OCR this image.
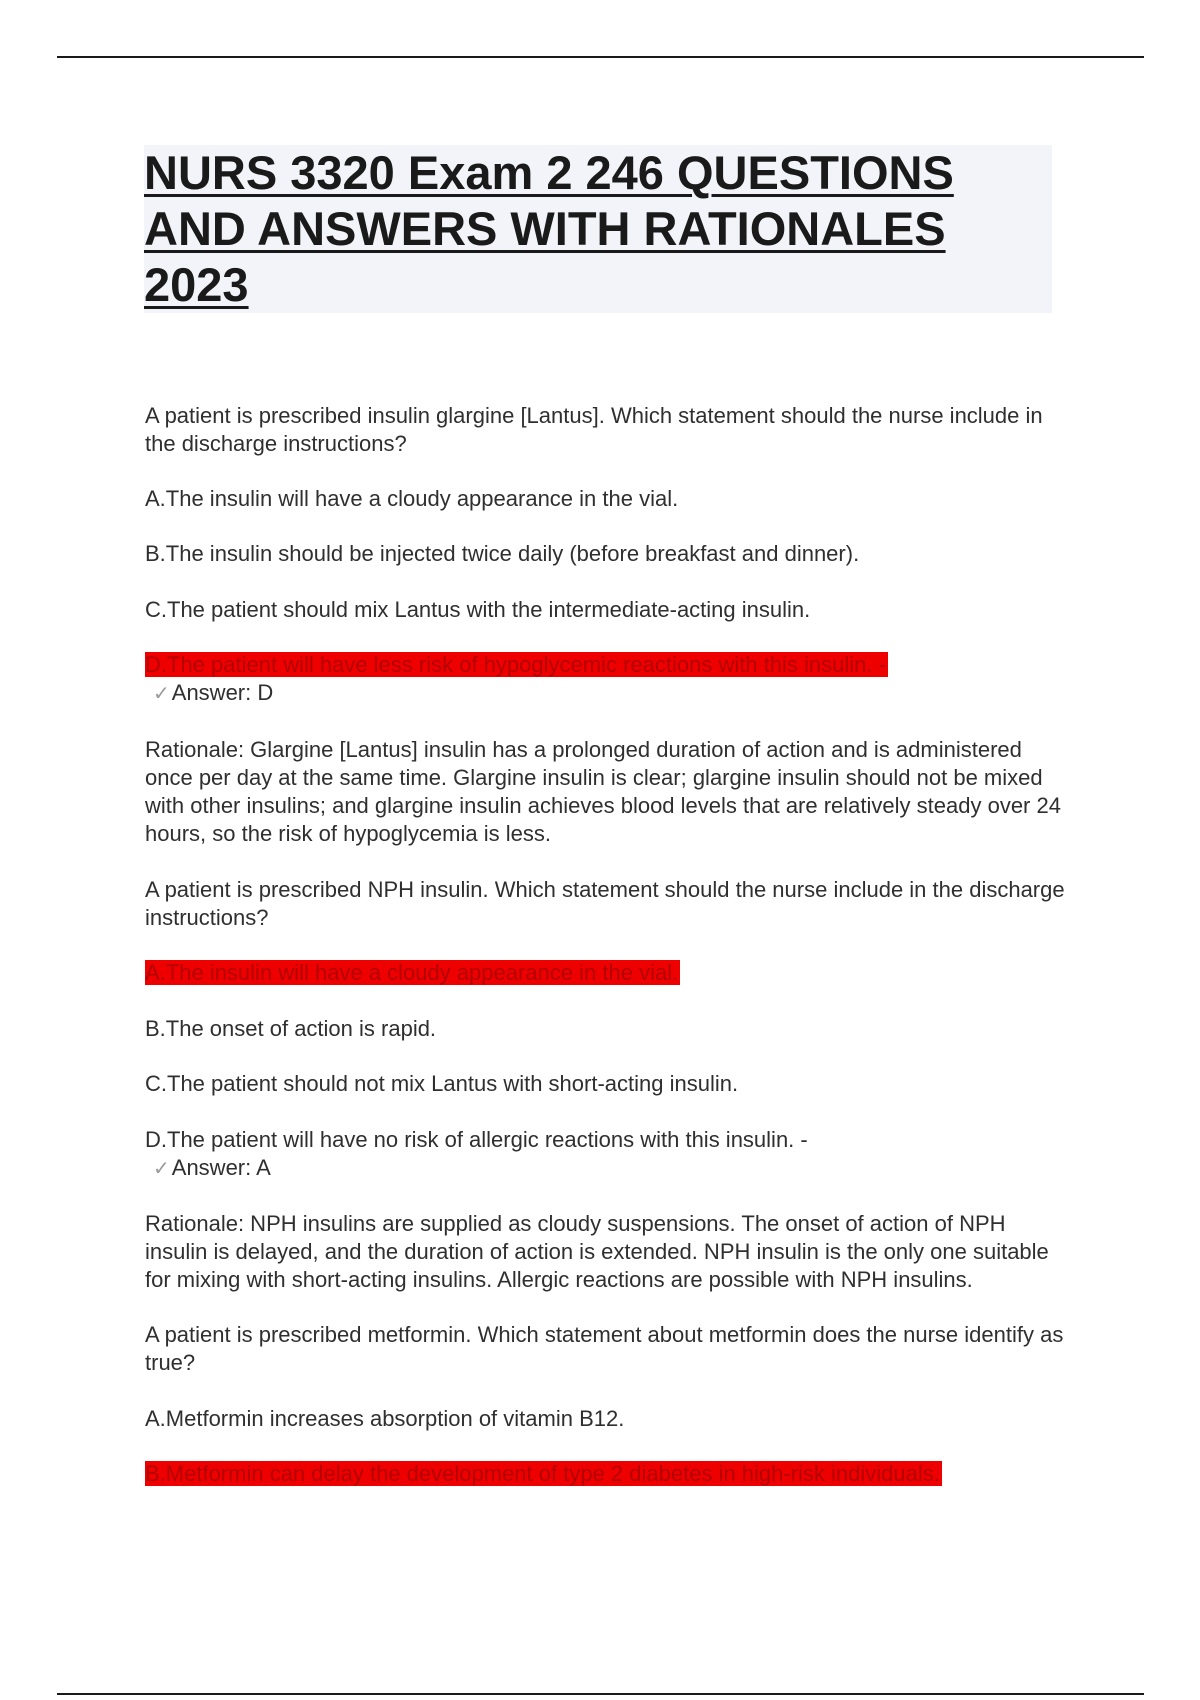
NURS 3320 Exam 2 246 QUESTIONS AND ANSWERS WITH RATIONALES 2023

A patient is prescribed insulin glargine [Lantus]. Which statement should the nurse include in the discharge instructions?

A.The insulin will have a cloudy appearance in the vial.

B.The insulin should be injected twice daily (before breakfast and dinner).

C.The patient should mix Lantus with the intermediate-acting insulin.

D.The patient will have less risk of hypoglycemic reactions with this insulin. -

✓Answer: D

Rationale: Glargine [Lantus] insulin has a prolonged duration of action and is administered once per day at the same time. Glargine insulin is clear; glargine insulin should not be mixed with other insulins; and glargine insulin achieves blood levels that are relatively steady over 24 hours, so the risk of hypoglycemia is less.

A patient is prescribed NPH insulin. Which statement should the nurse include in the discharge instructions?

A.The insulin will have a cloudy appearance in the vial.

B.The onset of action is rapid.

C.The patient should not mix Lantus with short-acting insulin.

D.The patient will have no risk of allergic reactions with this insulin. -

✓Answer: A

Rationale: NPH insulins are supplied as cloudy suspensions. The onset of action of NPH insulin is delayed, and the duration of action is extended. NPH insulin is the only one suitable for mixing with short-acting insulins. Allergic reactions are possible with NPH insulins.

A patient is prescribed metformin. Which statement about metformin does the nurse identify as true?

A.Metformin increases absorption of vitamin B12.

B.Metformin can delay the development of type 2 diabetes in high-risk individuals.
